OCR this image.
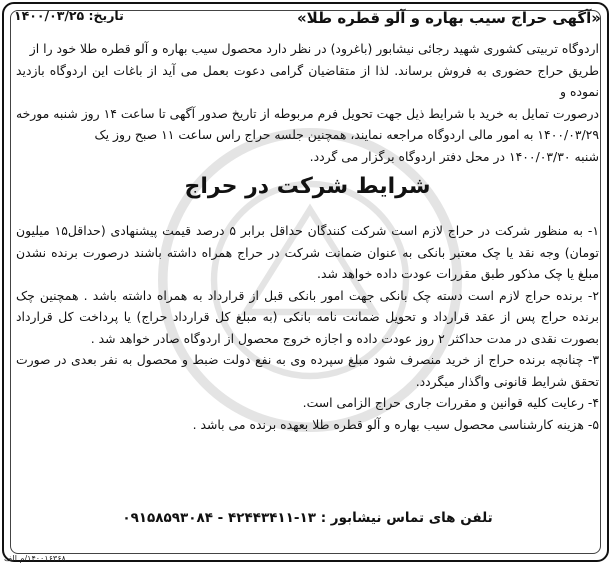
«آگهی حراج سیب بهاره و آلو قطره طلا»
تاریخ: ۱۴۰۰/۰۳/۲۵
اردوگاه تربیتی کشوری شهید رجائی نیشابور (باغرود) در نظر دارد محصول سیب بهاره و آلو قطره طلا خود را از
طریق حراج حضوری به فروش برساند. لذا از متقاضیان گرامی دعوت بعمل می آید از باغات این اردوگاه بازدید نموده و
درصورت تمایل به خرید با شرایط ذیل جهت تحویل فرم مربوطه از تاریخ صدور آگهی تا ساعت ۱۴ روز شنبه مورخه
۱۴۰۰/۰۳/۲۹ به امور مالی اردوگاه مراجعه نمایند، همچنین جلسه حراج راس ساعت ۱۱ صبح روز یک
شنبه ۱۴۰۰/۰۳/۳۰ در محل دفتر اردوگاه برگزار می گردد.
شرایط شرکت در حراج

۱- به منظور شرکت در حراج لازم است شرکت کنندگان حداقل برابر ۵ درصد قیمت پیشنهادی (حداقل۱۵ میلیون تومان) وجه نقد یا چک معتبر بانکی به عنوان ضمانت شرکت در حراج همراه داشته باشند درصورت برنده نشدن مبلغ یا چک مذکور طبق مقررات عودت داده خواهد شد.

۲- برنده حراج لازم است دسته چک بانکی جهت امور بانکی قبل از قرارداد به همراه داشته باشد . همچنین چک برنده حراج پس از عقد قرارداد و تحویل ضمانت نامه بانکی (به مبلغ کل قرارداد حراج) یا پرداخت کل قرارداد بصورت نقدی در مدت حداکثر ۲ روز عودت داده و اجازه خروج محصول از اردوگاه صادر خواهد شد .

۳- چنانچه برنده حراج از خرید منصرف شود مبلغ سپرده وی به نفع دولت ضبط و محصول به نفر بعدی در صورت تحقق شرایط قانونی واگذار میگردد.

۴- رعایت کلیه قوانین و مقررات جاری حراج الزامی است.

۵- هزینه کارشناسی محصول سیب بهاره و آلو قطره طلا بعهده برنده می باشد .

تلفن های تماس نیشابور : ۱۳-۴۲۴۴۳۴۱۱ - ۰۹۱۵۸۵۹۳۰۸۴
۱۴۰۰۱۶۳۶۸/م الف
